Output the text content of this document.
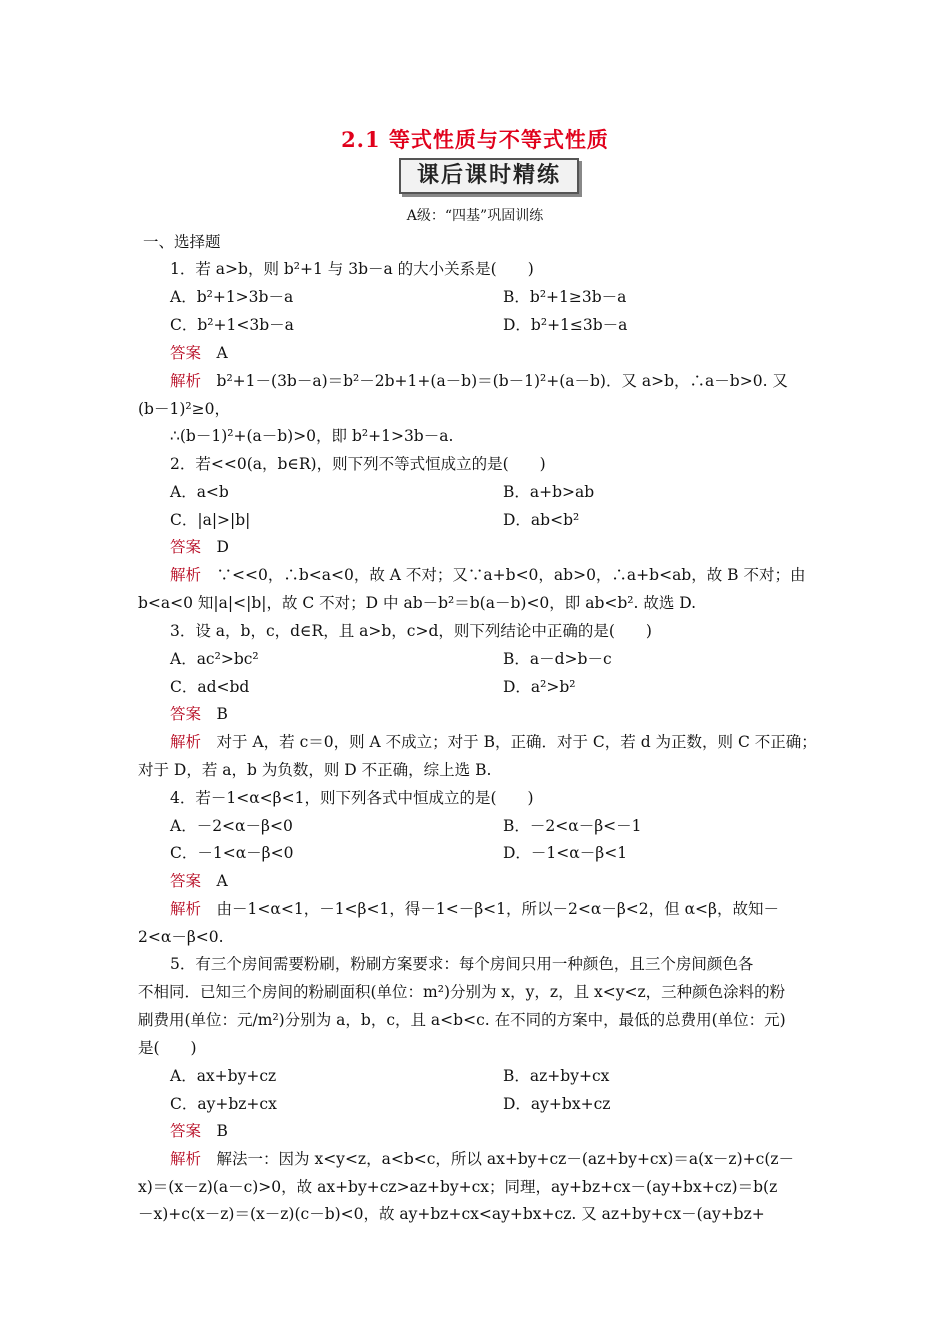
2.1 等式性质与不等式性质
课后课时精练
A级：“四基”巩固训练
一、选择题
1．若 a>b，则 b²+1 与 3b－a 的大小关系是(　　)
A．b²+1>3b－a	B．b²+1≥3b－a
C．b²+1<3b－a	D．b²+1≤3b－a
答案　 A
解析　 b²+1－(3b－a)＝b²－2b+1+(a－b)＝(b－1)²+(a－b)．又 a>b，∴a－b>0. 又
(b－1)²≥0，
∴(b－1)²+(a－b)>0，即 b²+1>3b－a.
2．若<<0(a，b∈R)，则下列不等式恒成立的是(　　)
A．a<b	B．a+b>ab
C．|a|>|b|	D．ab<b²
答案　 D
解析　 ∵<<0，∴b<a<0，故 A 不对；又∵a+b<0，ab>0，∴a+b<ab，故 B 不对；由
b<a<0 知|a|<|b|，故 C 不对；D 中 ab－b²＝b(a－b)<0，即 ab<b². 故选 D.
3．设 a，b，c，d∈R，且 a>b，c>d，则下列结论中正确的是(　　)
A．ac²>bc²	B．a－d>b－c
C．ad<bd	D．a²>b²
答案　 B
解析　 对于 A，若 c＝0，则 A 不成立；对于 B，正确．对于 C，若 d 为正数，则 C 不正确；
对于 D，若 a，b 为负数，则 D 不正确，综上选 B.
4．若－1<α<β<1，则下列各式中恒成立的是(　　)
A．－2<α－β<0	B．－2<α－β<－1
C．－1<α－β<0	D．－1<α－β<1
答案　 A
解析　 由－1<α<1，－1<β<1，得－1<－β<1，所以－2<α－β<2，但 α<β，故知－
2<α－β<0.
5．有三个房间需要粉刷，粉刷方案要求：每个房间只用一种颜色，且三个房间颜色各
不相同．已知三个房间的粉刷面积(单位：m²)分别为 x，y，z，且 x<y<z，三种颜色涂料的粉
刷费用(单位：元/m²)分别为 a，b，c，且 a<b<c. 在不同的方案中，最低的总费用(单位：元)
是(　　)
A．ax+by+cz	B．az+by+cx
C．ay+bz+cx	D．ay+bx+cz
答案　 B
解析　 解法一：因为 x<y<z，a<b<c，所以 ax+by+cz－(az+by+cx)＝a(x－z)+c(z－
x)＝(x－z)(a－c)>0，故 ax+by+cz>az+by+cx；同理，ay+bz+cx－(ay+bx+cz)＝b(z
－x)+c(x－z)＝(x－z)(c－b)<0，故 ay+bz+cx<ay+bx+cz. 又 az+by+cx－(ay+bz+
